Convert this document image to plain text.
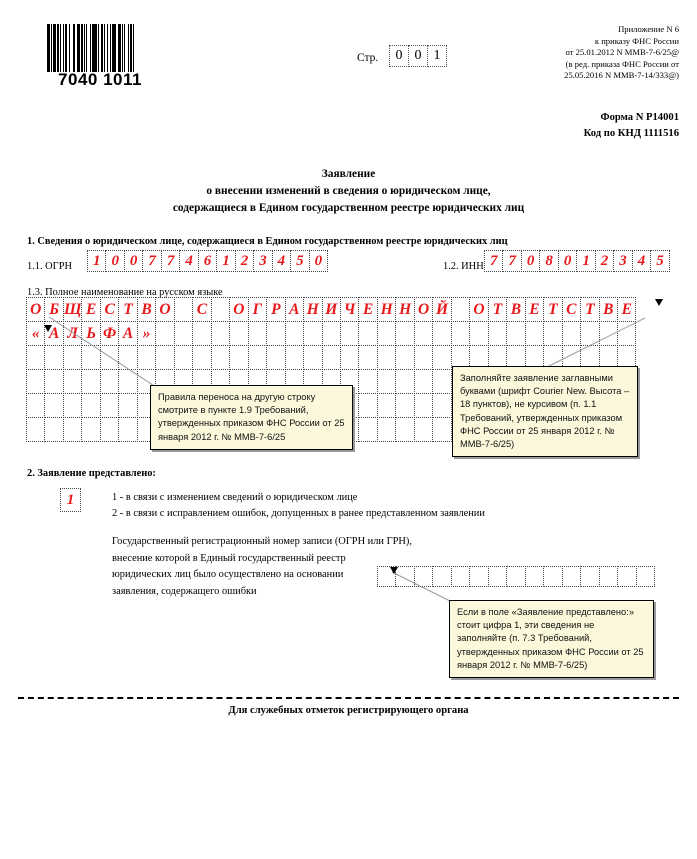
7040 1011
Стр.	0 0 1
Приложение N 6
к приказу ФНС России
от 25.01.2012 N ММВ-7-6/25@
(в ред. приказа ФНС России от
25.05.2016 N ММВ-7-14/333@)
Форма N Р14001
Код по КНД 1111516
Заявление
о внесении изменений в сведения о юридическом лице,
содержащиеся в Едином государственном реестре юридических лиц
1. Сведения о юридическом лице, содержащиеся в Едином государственном реестре юридических лиц
1.1. ОГРН	1 0 0 7 7 4 6 1 2 3 4 5 0	1.2. ИНН 7 7 0 8 0 1 2 3 4 5
1.3. Полное наименование на русском языке
О Б Щ Е С Т В О С О Г Р А Н И Ч Е Н Н О Й О Т В Е Т С Т В Е
« А Л Ь Ф А »
2. Заявление представлено:
1	1 - в связи с изменением сведений о юридическом лице
2 - в связи с исправлением ошибок, допущенных в ранее представленном заявлении
Государственный регистрационный номер записи (ОГРН или ГРН),
внесение которой в Единый государственный реестр
юридических лиц было осуществлено на основании
заявления, содержащего ошибки
Правила переноса на другую строку смотрите в пункте 1.9 Требований, утвержденных приказом ФНС России от 25 января 2012 г. № ММВ-7-6/25
Заполняйте заявление заглавными буквами (шрифт Courier New. Высота – 18 пунктов), не курсивом (п. 1.1 Требований, утвержденных приказом ФНС России от 25 января 2012 г. № ММВ-7-6/25)
Если в поле «Заявление представлено:» стоит цифра 1, эти сведения не заполняйте (п. 7.3 Требований, утвержденных приказом ФНС России от 25 января 2012 г. № ММВ-7-6/25)
Для служебных отметок регистрирующего органа
